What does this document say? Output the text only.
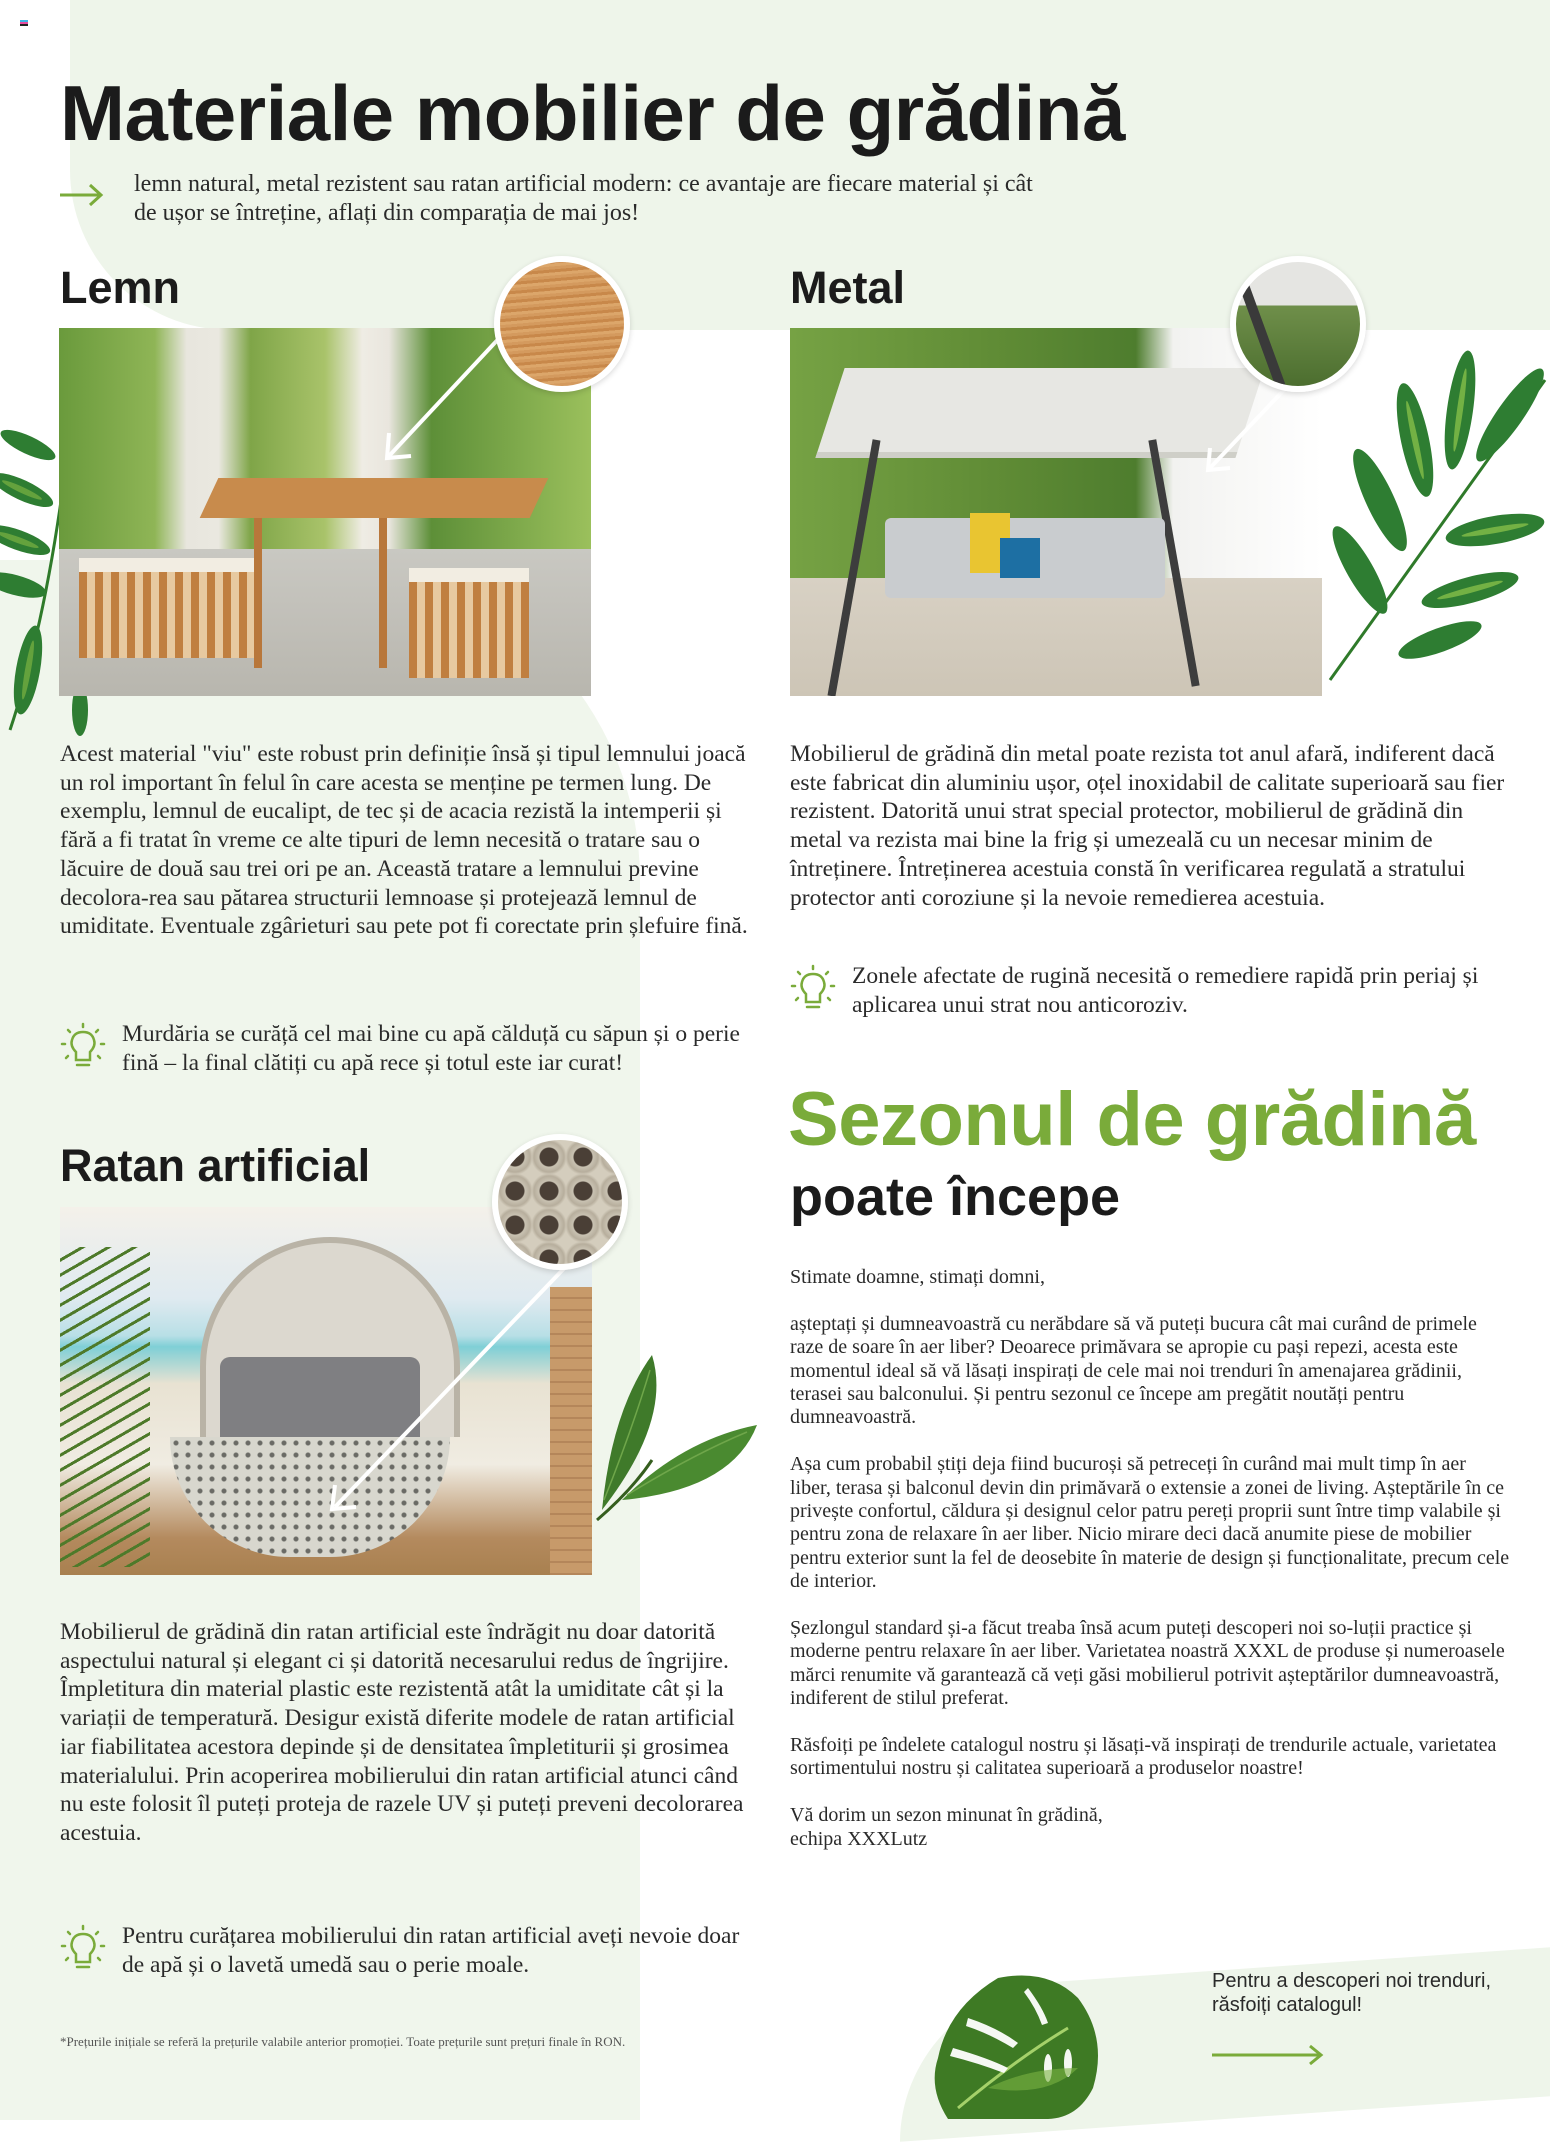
Materiale mobilier de grădină

lemn natural, metal rezistent sau ratan artificial modern: ce avantaje are fiecare material și cât de ușor se întreține, aflați din comparația de mai jos!

Lemn

Acest material "viu" este robust prin definiție însă și tipul lemnului joacă un rol important în felul în care acesta se menține pe termen lung. De exemplu, lemnul de eucalipt, de tec și de acacia rezistă la intemperii și fără a fi tratat în vreme ce alte tipuri de lemn necesită o tratare sau o lăcuire de două sau trei ori pe an. Această tratare a lemnului previne decolora-rea sau pătarea structurii lemnoase și protejează lemnul de umiditate. Eventuale zgârieturi sau pete pot fi corectate prin șlefuire fină.

Murdăria se curăță cel mai bine cu apă călduță cu săpun și o perie fină – la final clătiți cu apă rece și totul este iar curat!

Metal

Mobilierul de grădină din metal poate rezista tot anul afară, indiferent dacă este fabricat din aluminiu ușor, oțel inoxidabil de calitate superioară sau fier rezistent. Datorită unui strat special protector, mobilierul de grădină din metal va rezista mai bine la frig și umezeală cu un necesar minim de întreținere. Întreținerea acestuia constă în verificarea regulată a stratului protector anti coroziune și la nevoie remedierea acestuia.

Zonele afectate de rugină necesită o remediere rapidă prin periaj și aplicarea unui strat nou anticoroziv.

Ratan artificial

Mobilierul de grădină din ratan artificial este îndrăgit nu doar datorită aspectului natural și elegant ci și datorită necesarului redus de îngrijire. Împletitura din material plastic este rezistentă atât la umiditate cât și la variații de temperatură. Desigur există diferite modele de ratan artificial iar fiabilitatea acestora depinde și de densitatea împletiturii și grosimea materialului. Prin acoperirea mobilierului din ratan artificial atunci când nu este folosit îl puteți proteja de razele UV și puteți preveni decolorarea acestuia.

Pentru curățarea mobilierului din ratan artificial aveți nevoie doar de apă și o lavetă umedă sau o perie moale.

Sezonul de grădină
poate începe

Stimate doamne, stimați domni,

așteptați și dumneavoastră cu nerăbdare să vă puteți bucura cât mai curând de primele raze de soare în aer liber? Deoarece primăvara se apropie cu pași repezi, acesta este momentul ideal să vă lăsați inspirați de cele mai noi trenduri în amenajarea grădinii, terasei sau balconului. Și pentru sezonul ce începe am pregătit noutăți pentru dumneavoastră.

Așa cum probabil știți deja fiind bucuroși să petreceți în curând mai mult timp în aer liber, terasa și balconul devin din primăvară o extensie a zonei de living. Așteptările în ce privește confortul, căldura și designul celor patru pereți proprii sunt între timp valabile și pentru zona de relaxare în aer liber. Nicio mirare deci dacă anumite piese de mobilier pentru exterior sunt la fel de deosebite în materie de design și funcționalitate, precum cele de interior.

Șezlongul standard și-a făcut treaba însă acum puteți descoperi noi so-luții practice și moderne pentru relaxare în aer liber. Varietatea noastră XXXL de produse și numeroasele mărci renumite vă garantează că veți găsi mobilierul potrivit așteptărilor dumneavoastră, indiferent de stilul preferat.

Răsfoiți pe îndelete catalogul nostru și lăsați-vă inspirați de trendurile actuale, varietatea sortimentului nostru și calitatea superioară a produselor noastre!

Vă dorim un sezon minunat în grădină,
echipa XXXLutz

Pentru a descoperi noi trenduri, răsfoiți catalogul!

*Prețurile inițiale se referă la prețurile valabile anterior promoției. Toate prețurile sunt prețuri finale în RON.
